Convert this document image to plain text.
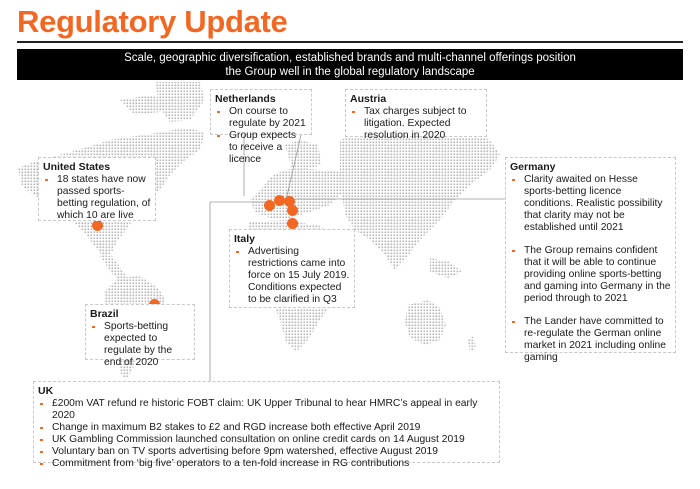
Regulatory Update
Scale, geographic diversification, established brands and multi-channel offerings position
the Group well in the global regulatory landscape
Netherlands
On course to regulate by 2021
Group expects to receive a licence
Austria
Tax charges subject to litigation. Expected resolution in 2020
United States
18 states have now passed sports-betting regulation, of which 10 are live
Germany
Clarity awaited on Hesse sports-betting licence conditions. Realistic possibility that clarity may not be established until 2021
The Group remains confident that it will be able to continue providing online sports-betting and gaming into Germany in the period through to 2021
The Lander have committed to re-regulate the German online market in 2021 including online gaming
Italy
Advertising restrictions came into force on 15 July 2019. Conditions expected to be clarified in Q3
Brazil
Sports-betting expected to regulate by the end of 2020
UK
£200m VAT refund re historic FOBT claim: UK Upper Tribunal to hear HMRC’s appeal in early 2020
Change in maximum B2 stakes to £2 and RGD increase both effective April 2019
UK Gambling Commission launched consultation on online credit cards on 14 August 2019
Voluntary ban on TV sports advertising before 9pm watershed, effective August 2019
Commitment from ‘big five’ operators to a ten-fold increase in RG contributions
